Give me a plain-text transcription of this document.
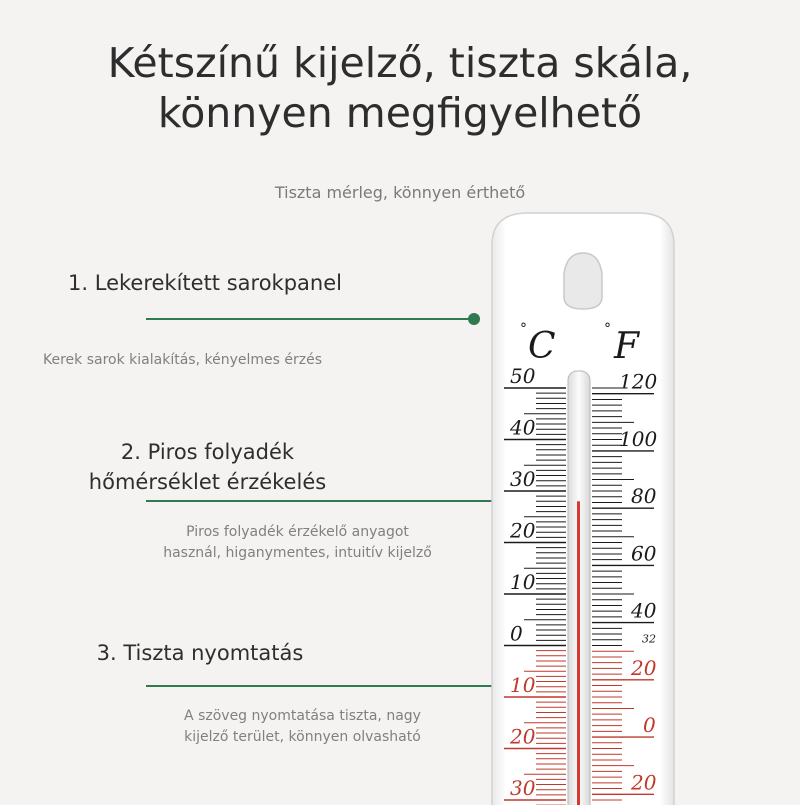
Kétszínű kijelző, tiszta skála,
könnyen megfigyelhető

Tiszta mérleg, könnyen érthető

1. Lekerekített sarokpanel

Kerek sarok kialakítás, kényelmes érzés

2. Piros folyadék
hőmérséklet érzékelés

Piros folyadék érzékelő anyagot
használ, higanymentes, intuitív kijelző

3. Tiszta nyomtatás

A szöveg nyomtatása tiszta, nagy
kijelző terület, könnyen olvasható

° C	° F
50
40
30
20
10
0
10
20
30
120
100
80
60
40
32
20
0
20
